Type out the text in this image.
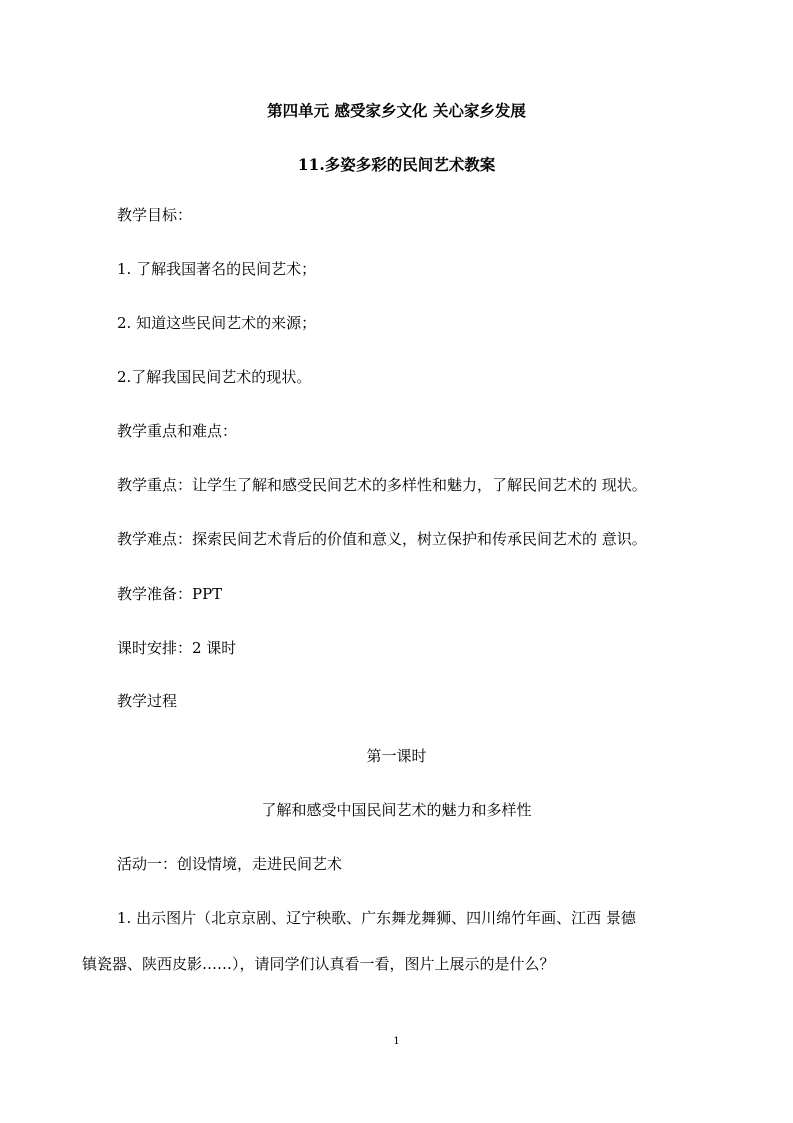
第四单元 感受家乡文化 关心家乡发展
11.多姿多彩的民间艺术教案
教学目标：
1. 了解我国著名的民间艺术；
2. 知道这些民间艺术的来源；
2.了解我国民间艺术的现状。
教学重点和难点：
教学重点：让学生了解和感受民间艺术的多样性和魅力，了解民间艺术的 现状。
教学难点：探索民间艺术背后的价值和意义，树立保护和传承民间艺术的 意识。
教学准备：PPT
课时安排：2 课时
教学过程
第一课时
了解和感受中国民间艺术的魅力和多样性
活动一：创设情境，走进民间艺术
1. 出示图片（北京京剧、辽宁秧歌、广东舞龙舞狮、四川绵竹年画、江西 景德
镇瓷器、陕西皮影……），请同学们认真看一看，图片上展示的是什么？
1
